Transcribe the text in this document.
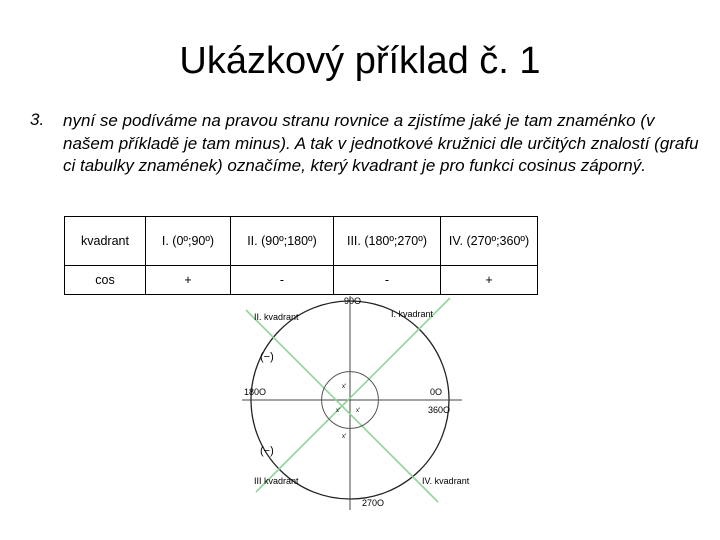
Ukázkový příklad č. 1
3. nyní se podíváme na pravou stranu rovnice a zjistíme jaké je tam znaménko (v našem příkladě je tam minus). A tak v jednotkové kružnici dle určitých znalostí (grafu ci tabulky znamének) označíme, který kvadrant je pro funkci cosinus záporný.
kvadrant	I. (0º;90º)	II. (90º;180º)	III. (180º;270º)	IV. (270º;360º)
cos	+	-	-	+
90O
0O
180O
360O
270O
I. kvadrant
II. kvadrant
III kvadrant	IV. kvadrant
(−)
(−)
x'
x'	x'
x'
